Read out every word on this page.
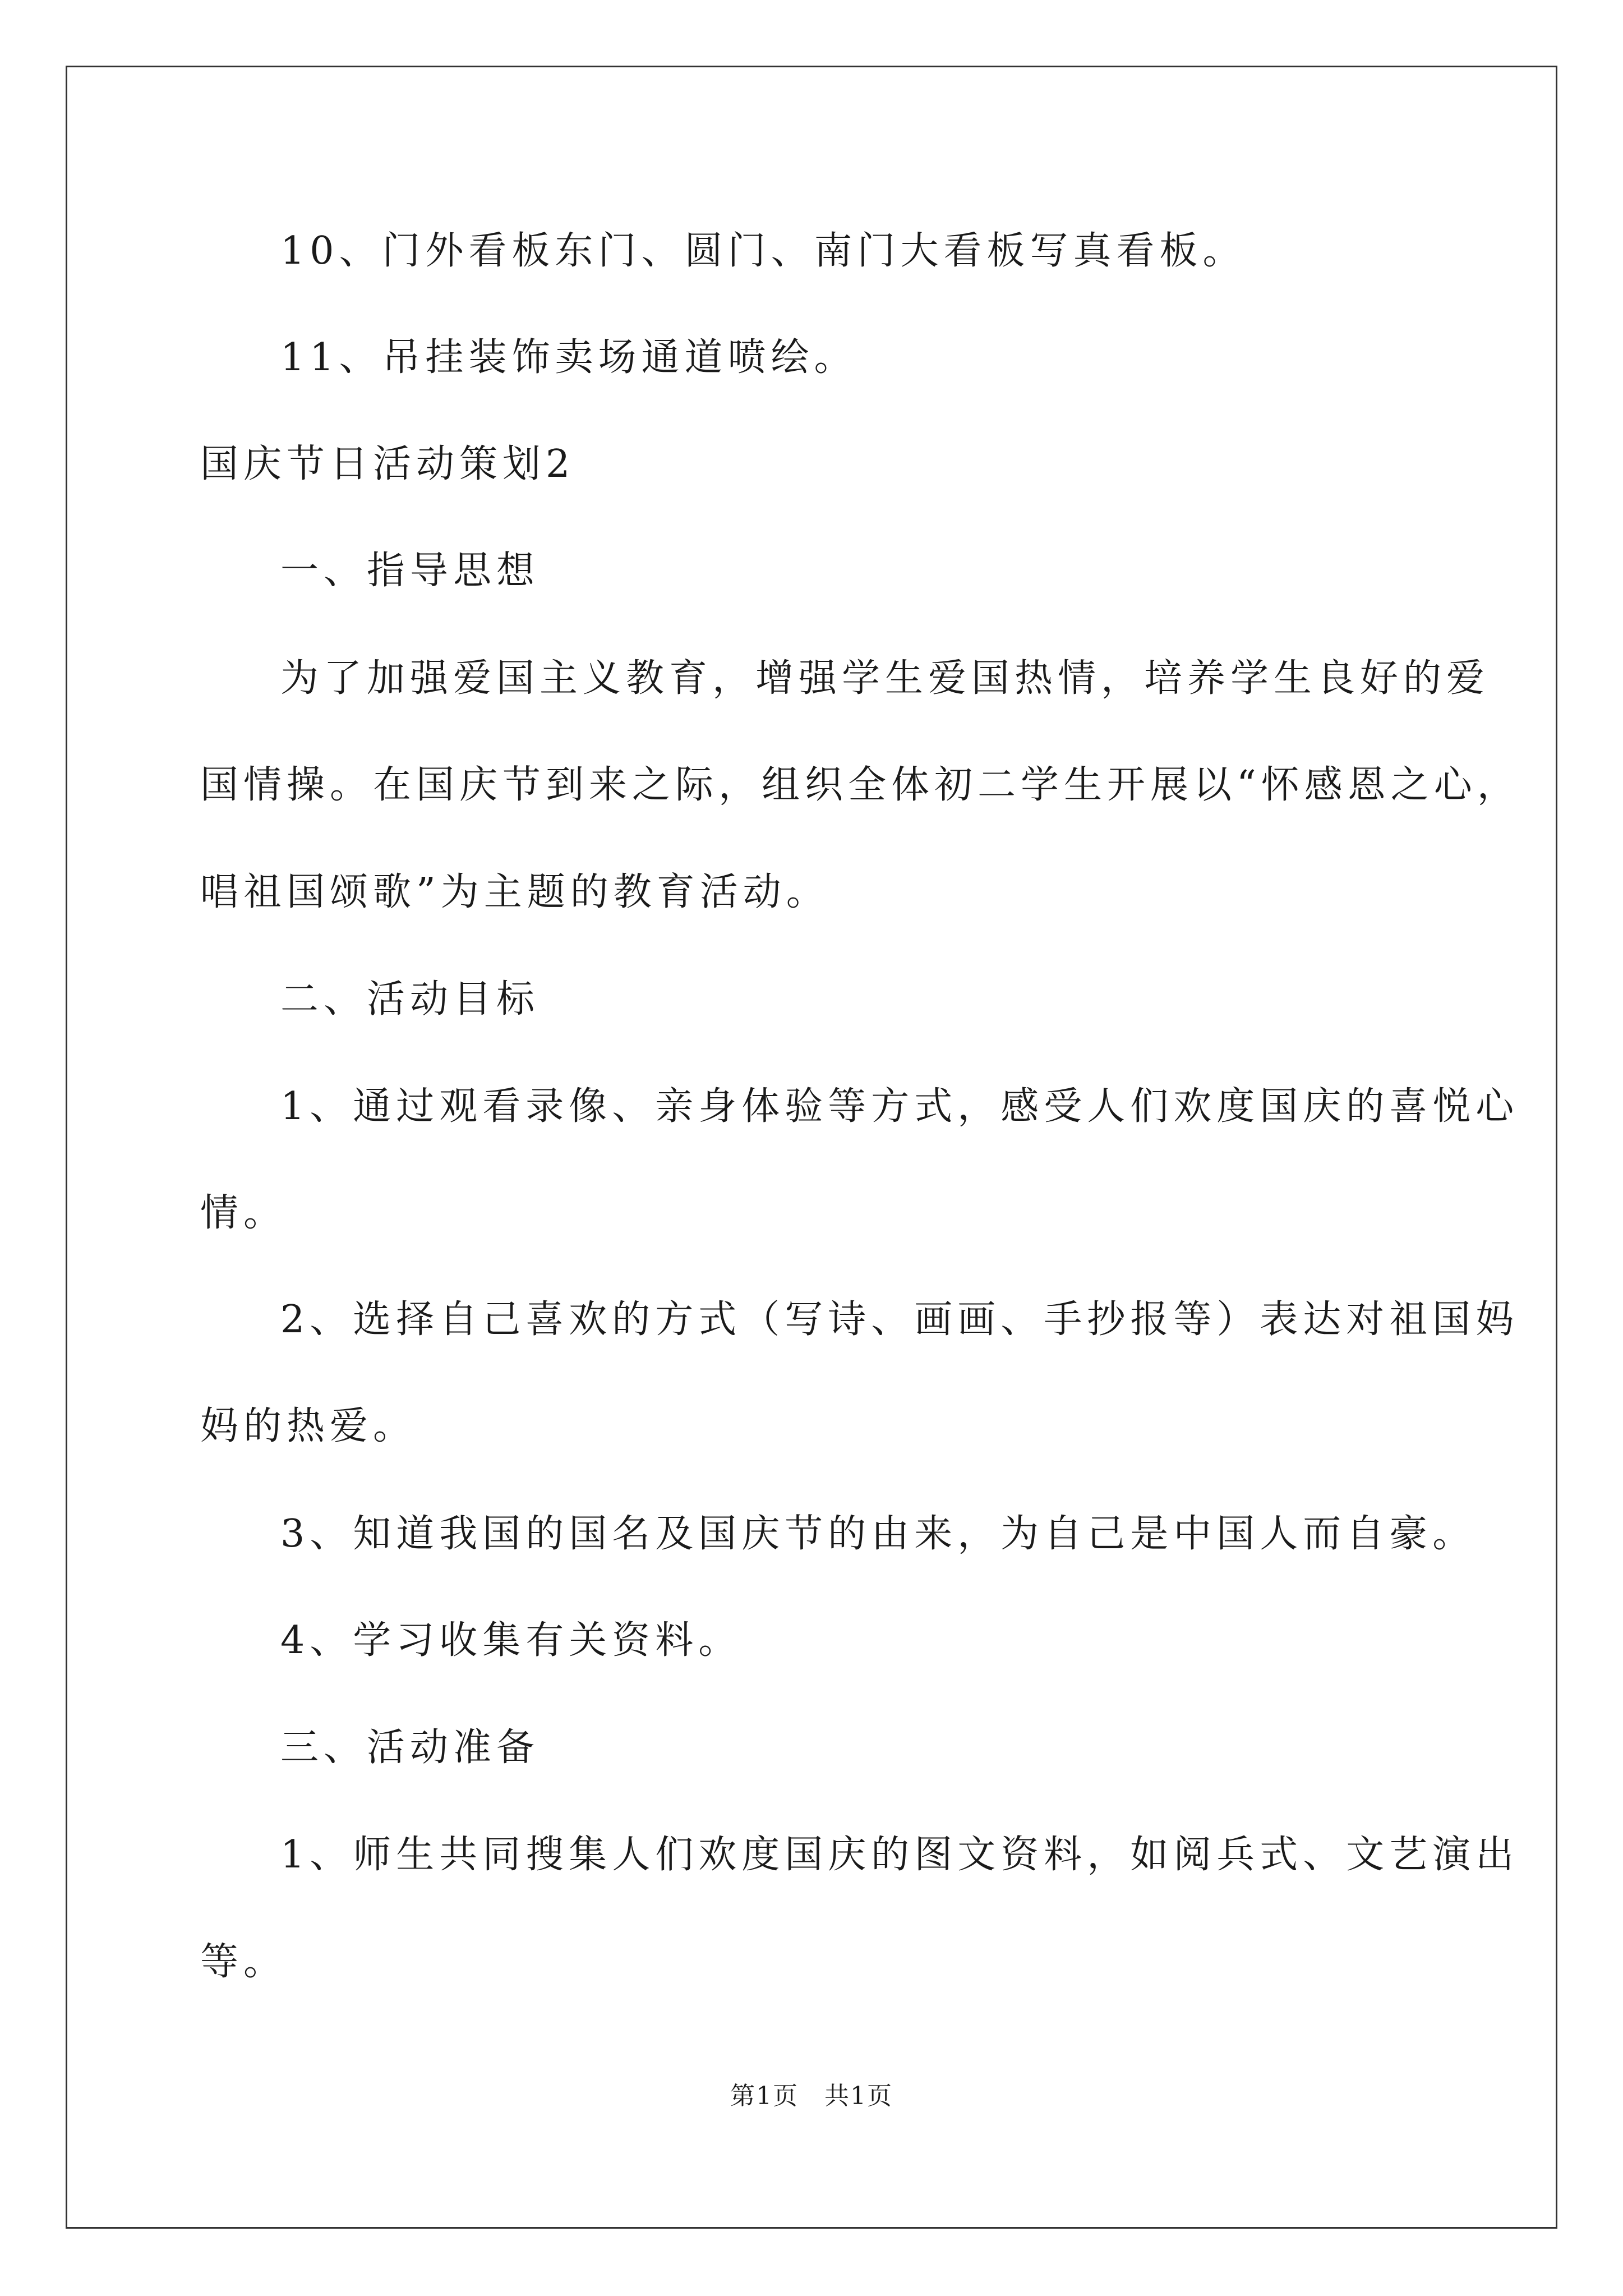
10、门外看板东门、圆门、南门大看板写真看板。
11、吊挂装饰卖场通道喷绘。
国庆节日活动策划2
一、指导思想
为了加强爱国主义教育，增强学生爱国热情，培养学生良好的爱
国情操。在国庆节到来之际，组织全体初二学生开展以“怀感恩之心，
唱祖国颂歌”为主题的教育活动。
二、活动目标
1、通过观看录像、亲身体验等方式，感受人们欢度国庆的喜悦心
情。
2、选择自己喜欢的方式（写诗、画画、手抄报等）表达对祖国妈
妈的热爱。
3、知道我国的国名及国庆节的由来，为自己是中国人而自豪。
4、学习收集有关资料。
三、活动准备
1、师生共同搜集人们欢度国庆的图文资料，如阅兵式、文艺演出
等。
第1页　共1页
